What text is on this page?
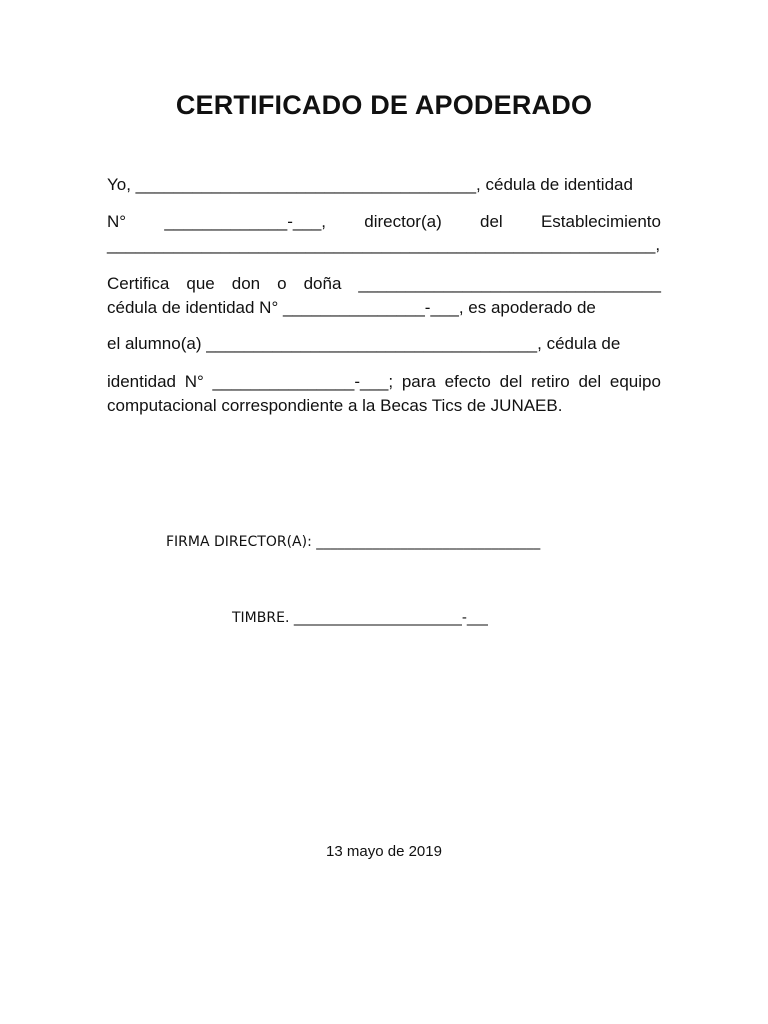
CERTIFICADO DE APODERADO
Yo, ____________________________________, cédula de identidad
N° _____________-___, director(a) del Establecimiento
__________________________________________________________,
Certifica que don o doña ________________________________
cédula de identidad N° _______________-___, es apoderado de
el alumno(a) ___________________________________, cédula de
identidad N° _______________-___; para efecto del retiro del equipo
computacional correspondiente a la Becas Tics de JUNAEB.
FIRMA DIRECTOR(A): ________________________________
TIMBRE. ________________________-___
13 mayo de 2019
